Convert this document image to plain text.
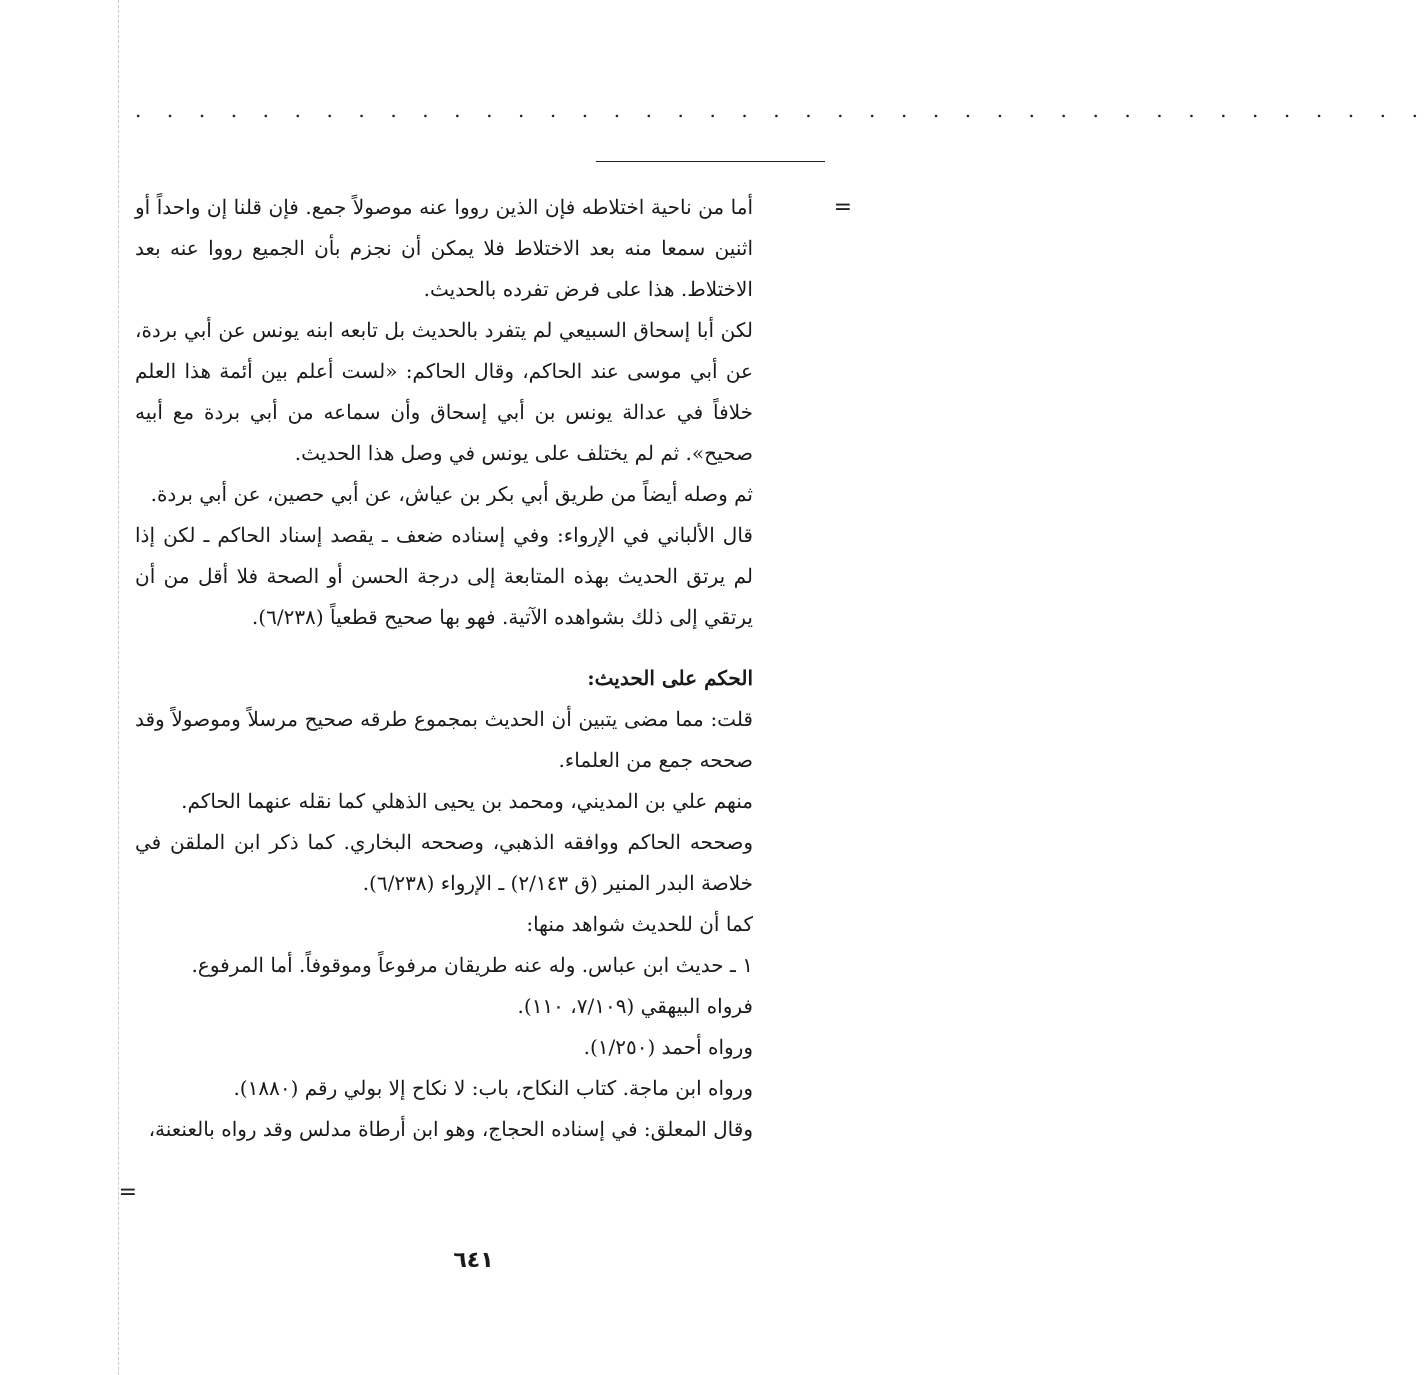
. . . . . . . . . . . . . . . . . . . . . . . . . . . . . . . . . . . . . . . . .
=
=

أما من ناحية اختلاطه فإن الذين رووا عنه موصولاً جمع. فإن قلنا إن واحداً أو اثنين سمعا منه بعد الاختلاط فلا يمكن أن نجزم بأن الجميع رووا عنه بعد الاختلاط. هذا على فرض تفرده بالحديث.

لكن أبا إسحاق السبيعي لم يتفرد بالحديث بل تابعه ابنه يونس عن أبي بردة، عن أبي موسى عند الحاكم، وقال الحاكم: «لست أعلم بين أئمة هذا العلم خلافاً في عدالة يونس بن أبي إسحاق وأن سماعه من أبي بردة مع أبيه صحيح». ثم لم يختلف على يونس في وصل هذا الحديث.

ثم وصله أيضاً من طريق أبي بكر بن عياش، عن أبي حصين، عن أبي بردة.

قال الألباني في الإرواء: وفي إسناده ضعف ـ يقصد إسناد الحاكم ـ لكن إذا لم يرتق الحديث بهذه المتابعة إلى درجة الحسن أو الصحة فلا أقل من أن يرتقي إلى ذلك بشواهده الآتية. فهو بها صحيح قطعياً (٦/٢٣٨).

الحكم على الحديث:

قلت: مما مضى يتبين أن الحديث بمجموع طرقه صحيح مرسلاً وموصولاً وقد صححه جمع من العلماء.

منهم علي بن المديني، ومحمد بن يحيى الذهلي كما نقله عنهما الحاكم.

وصححه الحاكم ووافقه الذهبي، وصححه البخاري. كما ذكر ابن الملقن في خلاصة البدر المنير (ق ٢/١٤٣) ـ الإرواء (٦/٢٣٨).

كما أن للحديث شواهد منها:

١ ـ حديث ابن عباس. وله عنه طريقان مرفوعاً وموقوفاً. أما المرفوع.

فرواه البيهقي (٧/١٠٩، ١١٠).

ورواه أحمد (١/٢٥٠).

ورواه ابن ماجة. كتاب النكاح، باب: لا نكاح إلا بولي رقم (١٨٨٠).

وقال المعلق: في إسناده الحجاج، وهو ابن أرطاة مدلس وقد رواه بالعنعنة،

٦٤١
